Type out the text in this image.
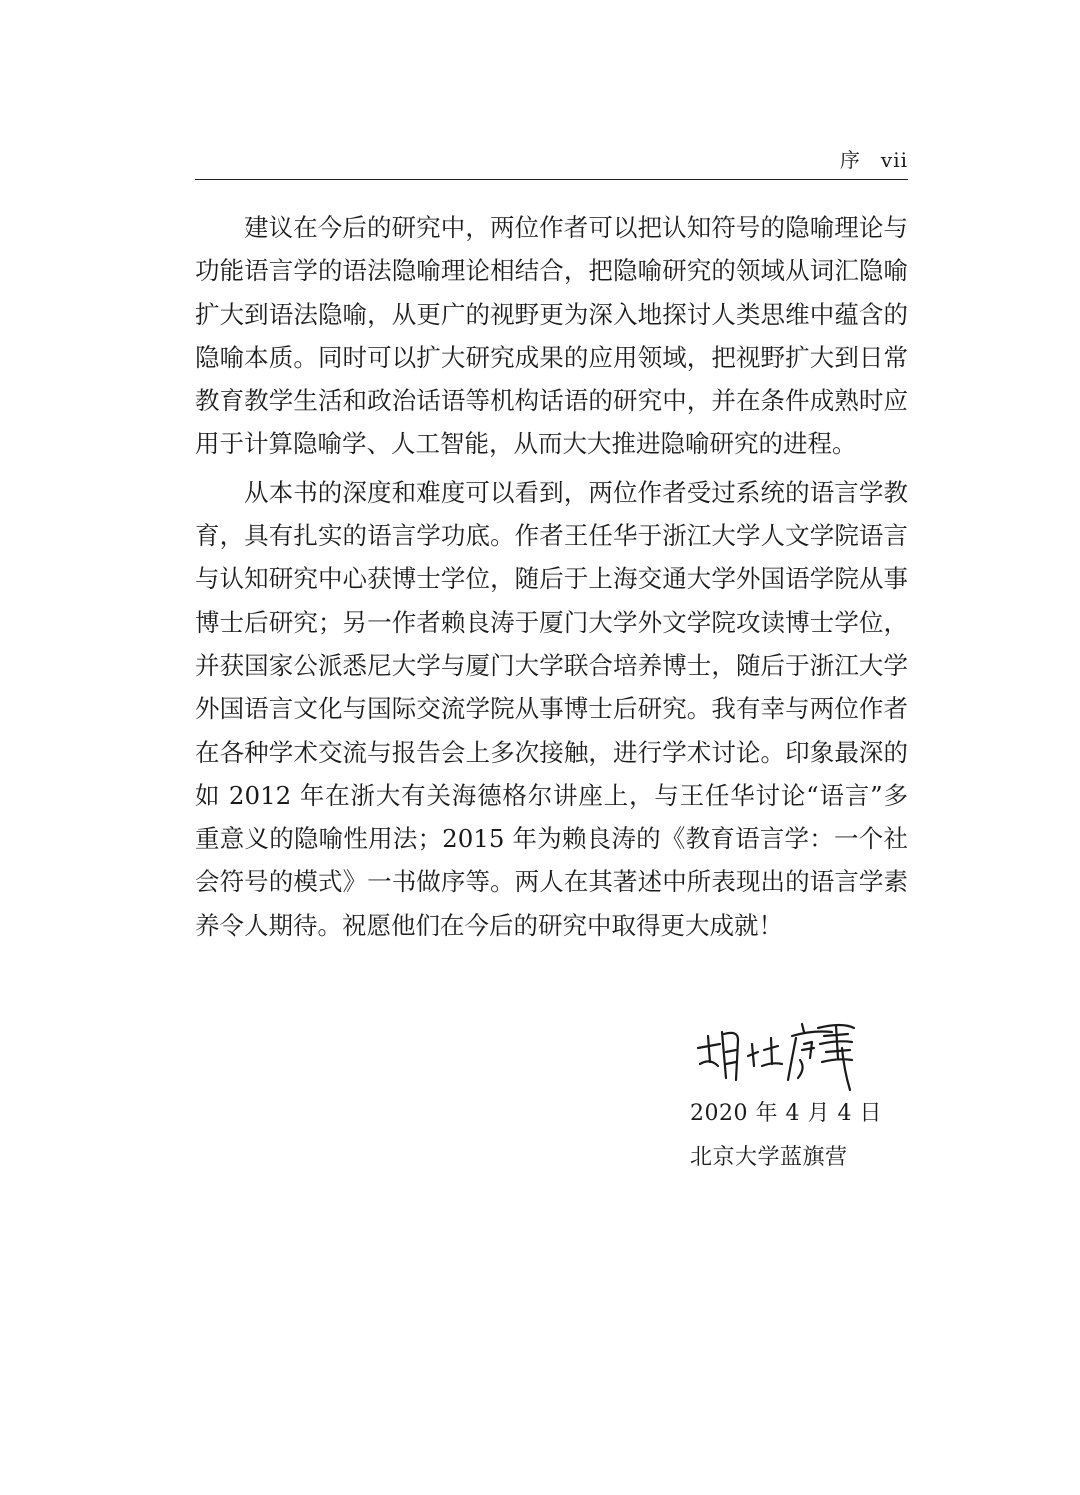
序 vii
建议在今后的研究中，两位作者可以把认知符号的隐喻理论与
功能语言学的语法隐喻理论相结合，把隐喻研究的领域从词汇隐喻
扩大到语法隐喻，从更广的视野更为深入地探讨人类思维中蕴含的
隐喻本质。同时可以扩大研究成果的应用领域，把视野扩大到日常
教育教学生活和政治话语等机构话语的研究中，并在条件成熟时应
用于计算隐喻学、人工智能，从而大大推进隐喻研究的进程。
从本书的深度和难度可以看到，两位作者受过系统的语言学教
育，具有扎实的语言学功底。作者王任华于浙江大学人文学院语言
与认知研究中心获博士学位，随后于上海交通大学外国语学院从事
博士后研究；另一作者赖良涛于厦门大学外文学院攻读博士学位，
并获国家公派悉尼大学与厦门大学联合培养博士，随后于浙江大学
外国语言文化与国际交流学院从事博士后研究。我有幸与两位作者
在各种学术交流与报告会上多次接触，进行学术讨论。印象最深的
如 2012 年在浙大有关海德格尔讲座上，与王任华讨论“语言”多
重意义的隐喻性用法；2015 年为赖良涛的《教育语言学：一个社
会符号的模式》一书做序等。两人在其著述中所表现出的语言学素
养令人期待。祝愿他们在今后的研究中取得更大成就！
2020 年 4 月 4 日
北京大学蓝旗营
